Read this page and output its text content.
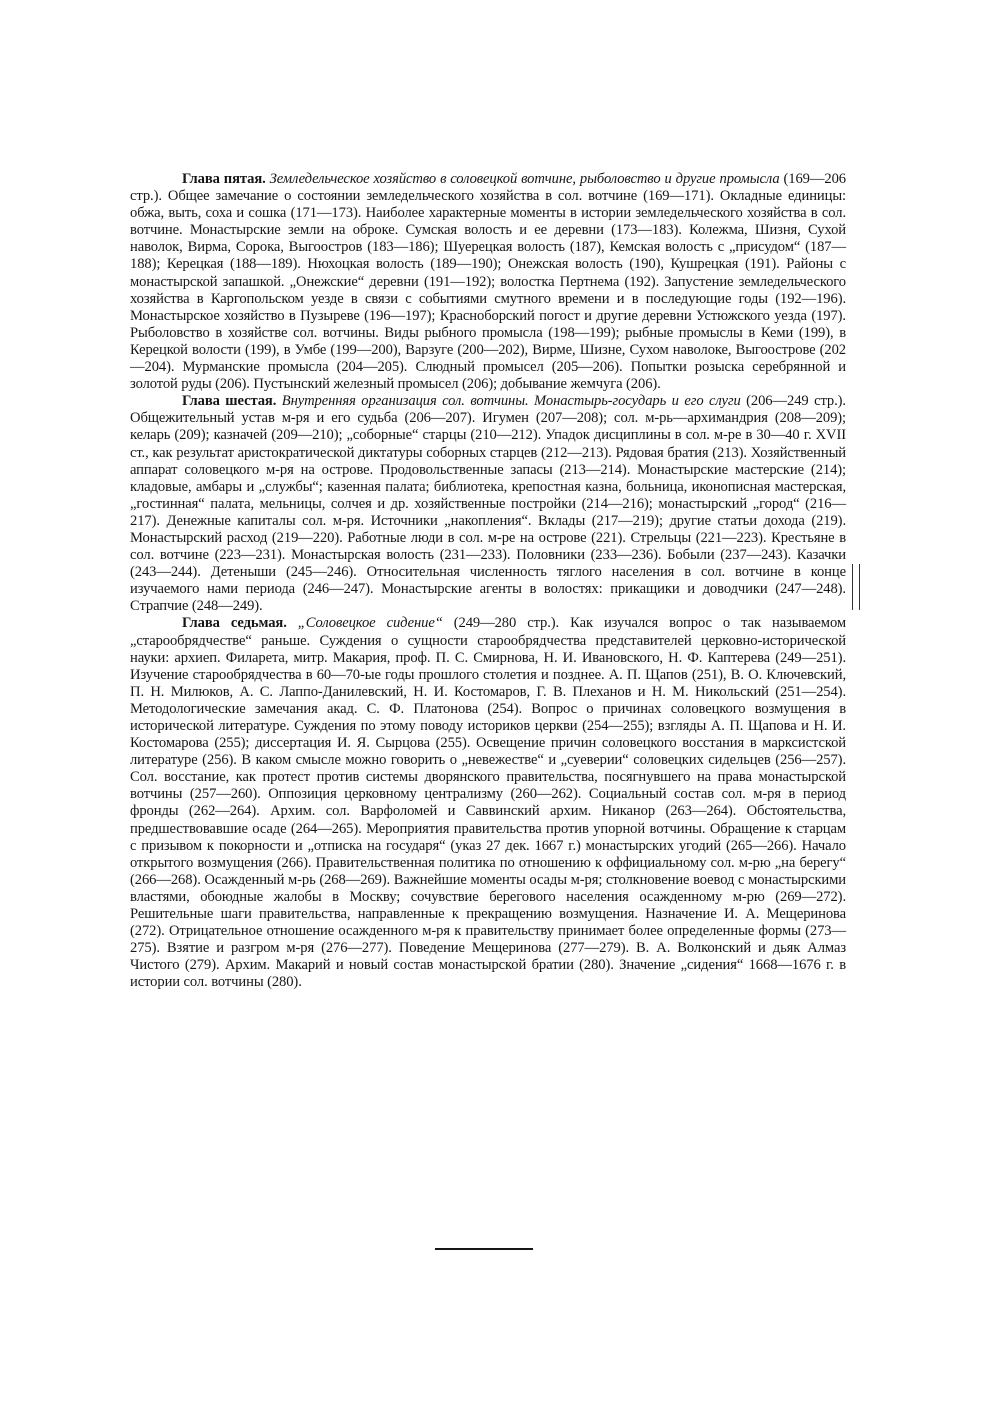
Глава пятая. Земледельческое хозяйство в соловецкой вотчине, рыболовство и другие промысла (169—206 стр.). Общее замечание о состоянии земледельческого хозяйства в сол. вотчине (169—171). Окладные единицы: обжа, выть, соха и сошка (171—173). Наиболее характерные моменты в истории земледельческого хозяйства в сол. вотчине. Монастырские земли на оброке. Сумская волость и ее деревни (173—183). Колежма, Шизня, Сухой наволок, Вирма, Сорока, Выгоостров (183—186); Шуерецкая волость (187), Кемская волость с „присудом“ (187—188); Керецкая (188—189). Нюхоцкая волость (189—190); Онежская волость (190), Кушрецкая (191). Районы с монастырской запашкой. „Онежские“ деревни (191—192); волостка Пертнема (192). Запустение земледельческого хозяйства в Каргопольском уезде в связи с событиями смутного времени и в последующие годы (192—196). Монастырское хозяйство в Пузыреве (196—197); Красноборский погост и другие деревни Устюжского уезда (197). Рыболовство в хозяйстве сол. вотчины. Виды рыбного промысла (198—199); рыбные промыслы в Кеми (199), в Керецкой волости (199), в Умбе (199—200), Варзуге (200—202), Вирме, Шизне, Сухом наволоке, Выгоострове (202—204). Мурманские промысла (204—205). Слюдный промысел (205—206). Попытки розыска серебрянной и золотой руды (206). Пустынский железный промысел (206); добывание жемчуга (206).

Глава шестая. Внутренняя организация сол. вотчины. Монастырь-государь и его слуги (206—249 стр.). Общежительный устав м-ря и его судьба (206—207). Игумен (207—208); сол. м-рь—архимандрия (208—209); келарь (209); казначей (209—210); „соборные“ старцы (210—212). Упадок дисциплины в сол. м-ре в 30—40 г. XVII ст., как результат аристократической диктатуры соборных старцев (212—213). Рядовая братия (213). Хозяйственный аппарат соловецкого м-ря на острове. Продовольственные запасы (213—214). Монастырские мастерские (214); кладовые, амбары и „службы“; казенная палата; библиотека, крепостная казна, больница, иконописная мастерская, „гостинная“ палата, мельницы, солчея и др. хозяйственные постройки (214—216); монастырский „город“ (216—217). Денежные капиталы сол. м-ря. Источники „накопления“. Вклады (217—219); другие статьи дохода (219). Монастырский расход (219—220). Работные люди в сол. м-ре на острове (221). Стрельцы (221—223). Крестьяне в сол. вотчине (223—231). Монастырская волость (231—233). Половники (233—236). Бобыли (237—243). Казачки (243—244). Детеныши (245—246). Относительная численность тяглого населения в сол. вотчине в конце изучаемого нами периода (246—247). Монастырские агенты в волостях: прикащики и доводчики (247—248). Страпчие (248—249).

Глава седьмая. „Соловецкое сидение“ (249—280 стр.). Как изучался вопрос о так называемом „старообрядчестве“ раньше. Суждения о сущности старообрядчества представителей церковно-исторической науки: архиеп. Филарета, митр. Макария, проф. П. С. Смирнова, Н. И. Ивановского, Н. Ф. Каптерева (249—251). Изучение старообрядчества в 60—70-ые годы прошлого столетия и позднее. А. П. Щапов (251), В. О. Ключевский, П. Н. Милюков, А. С. Лаппо-Данилевский, Н. И. Костомаров, Г. В. Плеханов и Н. М. Никольский (251—254). Методологические замечания акад. С. Ф. Платонова (254). Вопрос о причинах соловецкого возмущения в исторической литературе. Суждения по этому поводу историков церкви (254—255); взгляды А. П. Щапова и Н. И. Костомарова (255); диссертация И. Я. Сырцова (255). Освещение причин соловецкого восстания в марксистской литературе (256). В каком смысле можно говорить о „невежестве“ и „суеверии“ соловецких сидельцев (256—257). Сол. восстание, как протест против системы дворянского правительства, посягнувшего на права монастырской вотчины (257—260). Оппозиция церковному централизму (260—262). Социальный состав сол. м-ря в период фронды (262—264). Архим. сол. Варфоломей и Саввинский архим. Никанор (263—264). Обстоятельства, предшествовавшие осаде (264—265). Мероприятия правительства против упорной вотчины. Обращение к старцам с призывом к покорности и „отписка на государя“ (указ 27 дек. 1667 г.) монастырских угодий (265—266). Начало открытого возмущения (266). Правительственная политика по отношению к оффициальному сол. м-рю „на берегу“ (266—268). Осажденный м-рь (268—269). Важнейшие моменты осады м-ря; столкновение воевод с монастырскими властями, обоюдные жалобы в Москву; сочувствие берегового населения осажденному м-рю (269—272). Решительные шаги правительства, направленные к прекращению возмущения. Назначение И. А. Мещеринова (272). Отрицательное отношение осажденного м-ря к правительству принимает более определенные формы (273—275). Взятие и разгром м-ря (276—277). Поведение Мещеринова (277—279). В. А. Волконский и дьяк Алмаз Чистого (279). Архим. Макарий и новый состав монастырской братии (280). Значение „сидения“ 1668—1676 г. в истории сол. вотчины (280).
